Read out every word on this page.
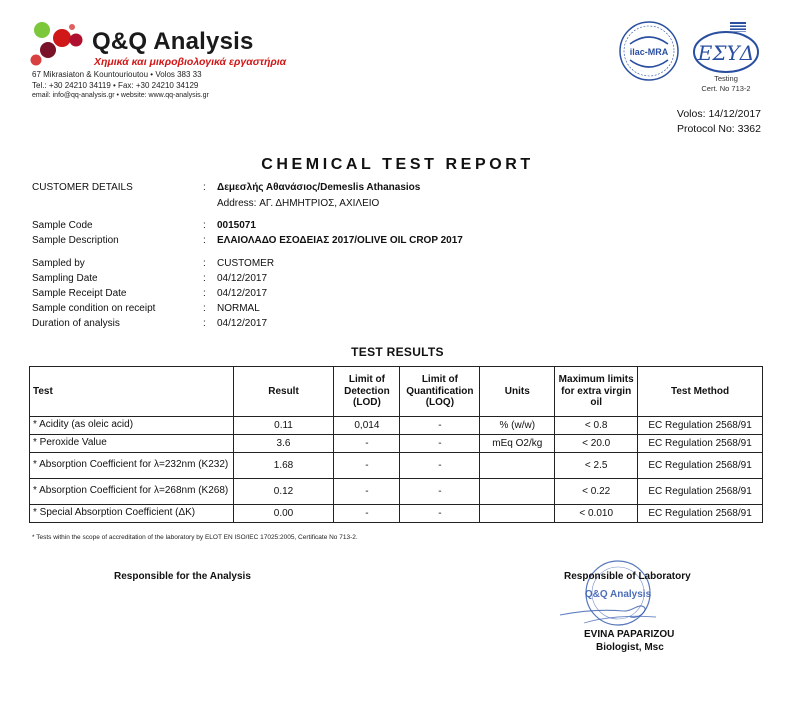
Q&Q Analysis
Χημικά και μικροβιολογικά εργαστήρια
67 Mikrasiaton & Kountourioutou • Volos 383 33
Tel.: +30 24210 34119 • Fax: +30 24210 34129
email: info@qq-analysis.gr • website: www.qq-analysis.gr
ilac-MRA ΕΣΥΔ
Testing
Cert. No 713-2
Volos: 14/12/2017
Protocol No: 3362
CHEMICAL TEST REPORT
CUSTOMER DETAILS	: Δεμεσλής Αθανάσιος/Demeslis Athanasios
Address: ΑΓ. ΔΗΜΗΤΡΙΟΣ, ΑΧΙΛΕΙΟ
Sample Code	: 0015071
Sample Description	: ΕΛΑΙΟΛΑΔΟ ΕΣΟΔΕΙΑΣ 2017/OLIVE OIL CROP 2017
Sampled by	: CUSTOMER
Sampling Date	: 04/12/2017
Sample Receipt Date	: 04/12/2017
Sample condition on receipt	: NORMAL
Duration of analysis	: 04/12/2017
TEST RESULTS
Test	Result	Limit of Detection (LOD)	Limit of Quantification (LOQ)	Units	Maximum limits for extra virgin oil	Test Method
* Acidity (as oleic acid)	0.11	0,014	-	% (w/w)	< 0.8	EC Regulation 2568/91
* Peroxide Value	3.6	-	-	mEq O2/kg	< 20.0	EC Regulation 2568/91
* Absorption Coefficient for λ=232nm (K232)	1.68	-	-		< 2.5	EC Regulation 2568/91
* Absorption Coefficient for λ=268nm (K268)	0.12	-	-		< 0.22	EC Regulation 2568/91
* Special Absorption Coefficient (ΔK)	0.00	-	-		< 0.010	EC Regulation 2568/91
* Tests within the scope of accreditation of the laboratory by ELOT EN ISO/IEC 17025:2005, Certificate No 713-2.
Responsible for the Analysis
Q&Q Analysis
Responsible of Laboratory
EVINA PAPARIZOU
Biologist, Msc
